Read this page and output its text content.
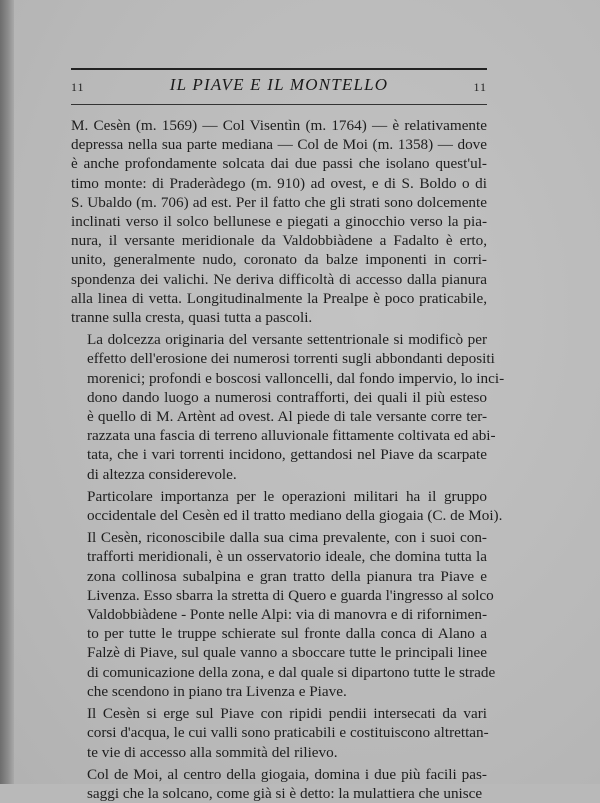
11	IL PIAVE E IL MONTELLO	11

M. Cesèn (m. 1569) — Col Visentìn (m. 1764) — è relativamente
depressa nella sua parte mediana — Col de Moi (m. 1358) — dove
è anche profondamente solcata dai due passi che isolano quest'ul-
timo monte: di Praderàdego (m. 910) ad ovest, e di S. Boldo o di
S. Ubaldo (m. 706) ad est. Per il fatto che gli strati sono dolcemente
inclinati verso il solco bellunese e piegati a ginocchio verso la pia-
nura, il versante meridionale da Valdobbiàdene a Fadalto è erto,
unito, generalmente nudo, coronato da balze imponenti in corri-
spondenza dei valichi. Ne deriva difficoltà di accesso dalla pianura
alla linea di vetta. Longitudinalmente la Prealpe è poco praticabile,
tranne sulla cresta, quasi tutta a pascoli.

La dolcezza originaria del versante settentrionale si modificò per
effetto dell'erosione dei numerosi torrenti sugli abbondanti depositi
morenici; profondi e boscosi valloncelli, dal fondo impervio, lo inci-
dono dando luogo a numerosi contrafforti, dei quali il più esteso
è quello di M. Artènt ad ovest. Al piede di tale versante corre ter-
razzata una fascia di terreno alluvionale fittamente coltivata ed abi-
tata, che i vari torrenti incidono, gettandosi nel Piave da scarpate
di altezza considerevole.

Particolare importanza per le operazioni militari ha il gruppo
occidentale del Cesèn ed il tratto mediano della giogaia (C. de Moi).

Il Cesèn, riconoscibile dalla sua cima prevalente, con i suoi con-
trafforti meridionali, è un osservatorio ideale, che domina tutta la
zona collinosa subalpina e gran tratto della pianura tra Piave e
Livenza. Esso sbarra la stretta di Quero e guarda l'ingresso al solco
Valdobbiàdene - Ponte nelle Alpi: via di manovra e di rifornimen-
to per tutte le truppe schierate sul fronte dalla conca di Alano a
Falzè di Piave, sul quale vanno a sboccare tutte le principali linee
di comunicazione della zona, e dal quale si dipartono tutte le strade
che scendono in piano tra Livenza e Piave.

Il Cesèn si erge sul Piave con ripidi pendii intersecati da vari
corsi d'acqua, le cui valli sono praticabili e costituiscono altrettan-
te vie di accesso alla sommità del rilievo.

Col de Moi, al centro della giogaia, domina i due più facili pas-
saggi che la solcano, come già si è detto: la mulattiera che unisce
